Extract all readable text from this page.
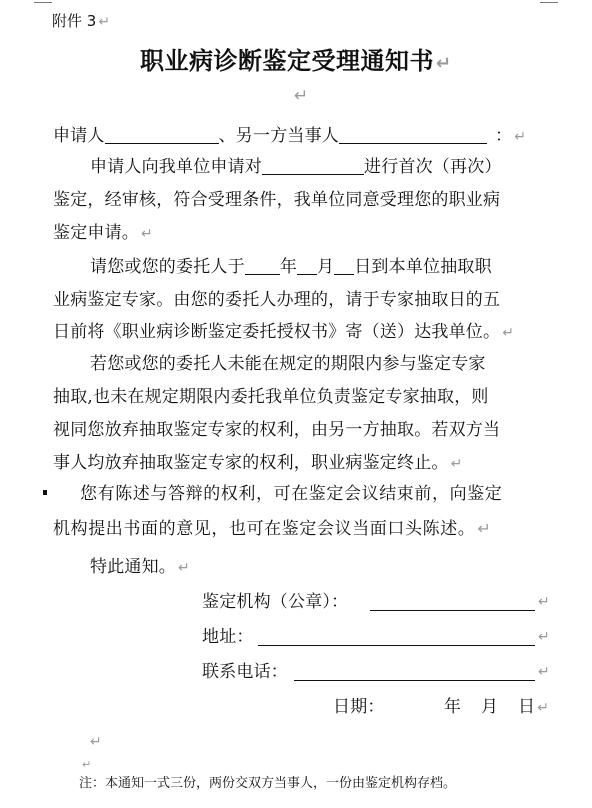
附件 3 ↵
职业病诊断鉴定受理通知书 ↵
↵
申请人	、另一方当事人	： ↵
申请人向我单位申请对	进行首次（再次）
鉴定，经审核，符合受理条件，我单位同意受理您的职业病
鉴定申请。 ↵
请您或您的委托人于 年 月 日到本单位抽取职
业病鉴定专家。由您的委托人办理的，请于专家抽取日的五
日前将《职业病诊断鉴定委托授权书》寄（送）达我单位。 ↵
若您或您的委托人未能在规定的期限内参与鉴定专家
抽取,也未在规定期限内委托我单位负责鉴定专家抽取，则
视同您放弃抽取鉴定专家的权利，由另一方抽取。若双方当
事人均放弃抽取鉴定专家的权利，职业病鉴定终止。 ↵
您有陈述与答辩的权利，可在鉴定会议结束前，向鉴定
机构提出书面的意见，也可在鉴定会议当面口头陈述。 ↵
特此通知。 ↵
鉴定机构（公章）：	↵
地址：	↵
联系电话：	↵
日期：	年 月 日 ↵
↵
↵
注：本通知一式三份，两份交双方当事人，一份由鉴定机构存档。
